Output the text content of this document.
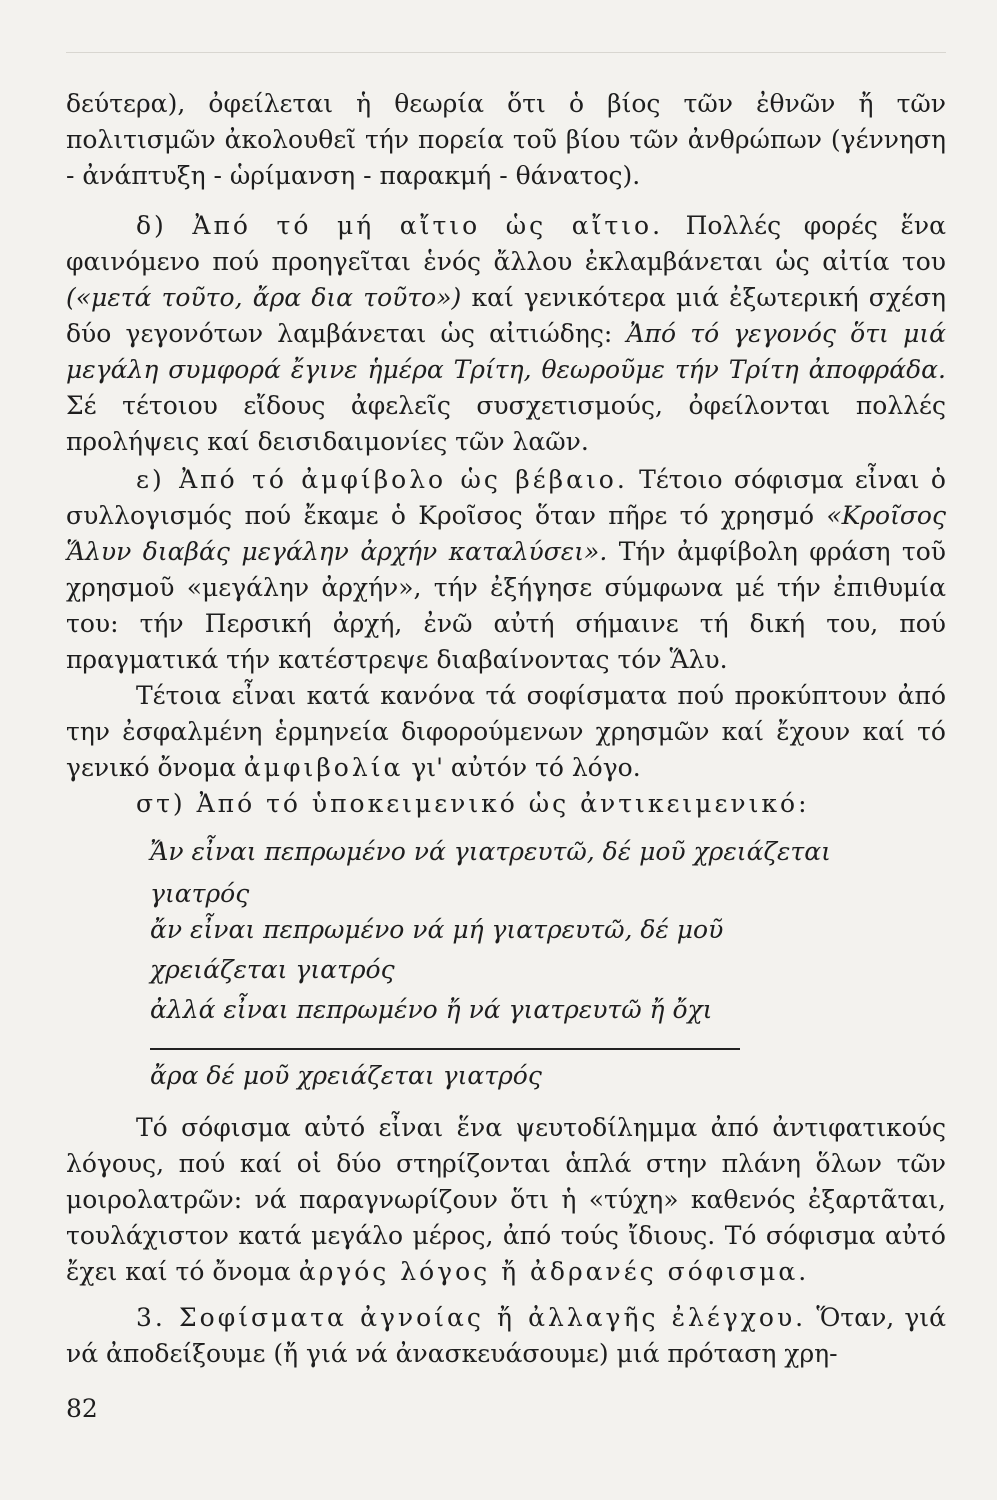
δεύτερα), ὀφείλεται ἡ θεωρία ὅτι ὁ βίος τῶν ἐθνῶν ἤ τῶν πολιτισμῶν ἀκολουθεῖ τήν πορεία τοῦ βίου τῶν ἀνθρώπων (γέννηση - ἀνάπτυξη - ὡρίμανση - παρακμή - θάνατος).

δ) Ἀπό τό μή αἴτιο ὡς αἴτιο. Πολλές φορές ἕνα φαινόμενο πού προηγεῖται ἑνός ἄλλου ἐκλαμβάνεται ὡς αἰτία του («μετά τοῦτο, ἄρα δια τοῦτο») καί γενικότερα μιά ἐξωτερική σχέση δύο γεγονότων λαμβάνεται ὡς αἰτιώδης: Ἀπό τό γεγονός ὅτι μιά μεγάλη συμφορά ἔγινε ἡμέρα Τρίτη, θεωροῦμε τήν Τρίτη ἀποφράδα. Σέ τέτοιου εἴδους ἀφελεῖς συσχετισμούς, ὀφείλονται πολλές προλήψεις καί δεισιδαιμονίες τῶν λαῶν.

ε) Ἀπό τό ἀμφίβολο ὡς βέβαιο. Τέτοιο σόφισμα εἶναι ὁ συλλογισμός πού ἔκαμε ὁ Κροῖσος ὅταν πῆρε τό χρησμό «Κροῖσος Ἅλυν διαβάς μεγάλην ἀρχήν καταλύσει». Τήν ἀμφίβολη φράση τοῦ χρησμοῦ «μεγάλην ἀρχήν», τήν ἐξήγησε σύμφωνα μέ τήν ἐπιθυμία του: τήν Περσική ἀρχή, ἐνῶ αὐτή σήμαινε τή δική του, πού πραγματικά τήν κατέστρεψε διαβαίνοντας τόν Ἅλυ.

Τέτοια εἶναι κατά κανόνα τά σοφίσματα πού προκύπτουν ἀπό την ἐσφαλμένη ἑρμηνεία διφορούμενων χρησμῶν καί ἔχουν καί τό γενικό ὄνομα ἀμφιβολία γι' αὐτόν τό λόγο.

στ) Ἀπό τό ὑποκειμενικό ὡς ἀντικειμενικό:

Ἄν εἶναι πεπρωμένο νά γιατρευτῶ, δέ μοῦ χρειάζεται

γιατρός

ἄν εἶναι πεπρωμένο νά μή γιατρευτῶ, δέ μοῦ

χρειάζεται γιατρός

ἀλλά εἶναι πεπρωμένο ἤ νά γιατρευτῶ ἤ ὄχι

ἄρα δέ μοῦ χρειάζεται γιατρός

Τό σόφισμα αὐτό εἶναι ἕνα ψευτοδίλημμα ἀπό ἀντιφατικούς λόγους, πού καί οἱ δύο στηρίζονται ἁπλά στην πλάνη ὅλων τῶν μοιρολατρῶν: νά παραγνωρίζουν ὅτι ἡ «τύχη» καθενός ἐξαρτᾶται, τουλάχιστον κατά μεγάλο μέρος, ἀπό τούς ἴδιους. Τό σόφισμα αὐτό ἔχει καί τό ὄνομα ἀργός λόγος ἤ ἀδρανές σόφισμα.

3. Σοφίσματα ἀγνοίας ἤ ἀλλαγῆς ἐλέγχου. Ὅταν, γιά νά ἀποδείξουμε (ἤ γιά νά ἀνασκευάσουμε) μιά πρόταση χρη-

82
